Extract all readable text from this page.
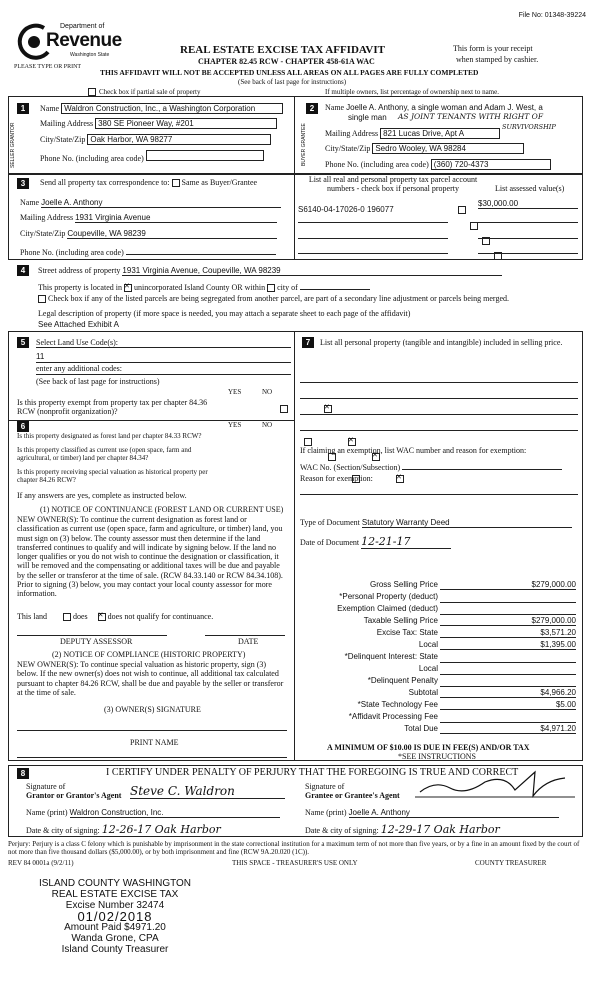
File No: 01348-39224
Department of
Revenue
Washington State
PLEASE TYPE OR PRINT
REAL ESTATE EXCISE TAX AFFIDAVIT
CHAPTER 82.45 RCW - CHAPTER 458-61A WAC
This form is your receipt
when stamped by cashier.
THIS AFFIDAVIT WILL NOT BE ACCEPTED UNLESS ALL AREAS ON ALL PAGES ARE FULLY COMPLETED
(See back of last page for instructions)
Check box if partial sale of property	If multiple owners, list percentage of ownership next to name.
1
SELLER GRANTOR
Name Waldron Construction, Inc., a Washington Corporation
Mailing Address 380 SE Pioneer Way, #201
City/State/Zip Oak Harbor, WA 98277
Phone No. (including area code)
2
BUYER GRANTEE
Name Joelle A. Anthony, a single woman and Adam J. West, a
single man AS JOINT TENANTS WITH RIGHT OF
SURVIVORSHIP
Mailing Address 821 Lucas Drive, Apt A
City/State/Zip Sedro Wooley, WA 98284
Phone No. (including area code) (360) 720-4373
3	Send all property tax correspondence to: Same as Buyer/Grantee
Name Joelle A. Anthony
Mailing Address 1931 Virginia Avenue
City/State/Zip Coupeville, WA 98239
Phone No. (including area code)
List all real and personal property tax parcel account numbers - check box if personal property	List assessed value(s)
S6140-04-17026-0 196077

$30,000.00

4	Street address of property 1931 Virginia Avenue, Coupeville, WA 98239
This property is located in ✕ unincorporated Island County OR within city of
Check box if any of the listed parcels are being segregated from another parcel, are part of a secondary line adjustment or parcels being merged.
Legal description of property (if more space is needed, you may attach a separate sheet to each page of the affidavit)
See Attached Exhibit A
5	Select Land Use Code(s):
11
enter any additional codes:
(See back of last page for instructions)
YES	NO
Is this property exempt from property tax per chapter 84.36 RCW (nonprofit organization)?
✕
6	YES	NO
Is this property designated as forest land per chapter 84.33 RCW?
✕
Is this property classified as current use (open space, farm and agricultural, or timber) land per chapter 84.34?
✕
Is this property receiving special valuation as historical property per chapter 84.26 RCW?
✕
If any answers are yes, complete as instructed below.
(1) NOTICE OF CONTINUANCE (FOREST LAND OR CURRENT USE)
NEW OWNER(S): To continue the current designation as forest land or classification as current use (open space, farm and agriculture, or timber) land, you must sign on (3) below. The county assessor must then determine if the land transferred continues to qualify and will indicate by signing below. If the land no longer qualifies or you do not wish to continue the designation or classification, it will be removed and the compensating or additional taxes will be due and payable by the seller or transferor at the time of sale. (RCW 84.33.140 or RCW 84.34.108). Prior to signing (3) below, you may contact your local county assessor for more information.
This land	does ✕	does not qualify for continuance.
DEPUTY ASSESSOR	DATE
(2) NOTICE OF COMPLIANCE (HISTORIC PROPERTY)
NEW OWNER(S): To continue special valuation as historic property, sign (3) below. If the new owner(s) does not wish to continue, all additional tax calculated pursuant to chapter 84.26 RCW, shall be due and payable by the seller or transferor at the time of sale.
(3) OWNER(S) SIGNATURE
PRINT NAME
7	List all personal property (tangible and intangible) included in selling price.
If claiming an exemption, list WAC number and reason for exemption:
WAC No. (Section/Subsection)
Reason for exemption:
Type of Document Statutory Warranty Deed
Date of Document 12-21-17
Gross Selling Price	$279,000.00
*Personal Property (deduct)
Exemption Claimed (deduct)
Taxable Selling Price	$279,000.00
Excise Tax: State	$3,571.20
Local	$1,395.00
*Delinquent Interest: State
Local
*Delinquent Penalty
Subtotal	$4,966.20
*State Technology Fee	$5.00
*Affidavit Processing Fee
Total Due	$4,971.20
A MINIMUM OF $10.00 IS DUE IN FEE(S) AND/OR TAX
*SEE INSTRUCTIONS
8	I CERTIFY UNDER PENALTY OF PERJURY THAT THE FOREGOING IS TRUE AND CORRECT
Signature of
Grantor or Grantor's Agent Steve C. Waldron	Signature of
Grantee or Grantee's Agent
Name (print) Waldron Construction, Inc.	Name (print) Joelle A. Anthony
Date & city of signing: 12-26-17 Oak Harbor	Date & city of signing: 12-29-17 Oak Harbor
Perjury: Perjury is a class C felony which is punishable by imprisonment in the state correctional institution for a maximum term of not more than five years, or by a fine in an amount fixed by the court of not more than five thousand dollars ($5,000.00), or by both imprisonment and fine (RCW 9A.20.020 (1C)).
REV 84 0001a (9/2/11)	THIS SPACE - TREASURER'S USE ONLY	COUNTY TREASURER
ISLAND COUNTY WASHINGTON
REAL ESTATE EXCISE TAX
Excise Number 32474
01/02/2018
Amount Paid $4971.20
Wanda Grone, CPA
Island County Treasurer
